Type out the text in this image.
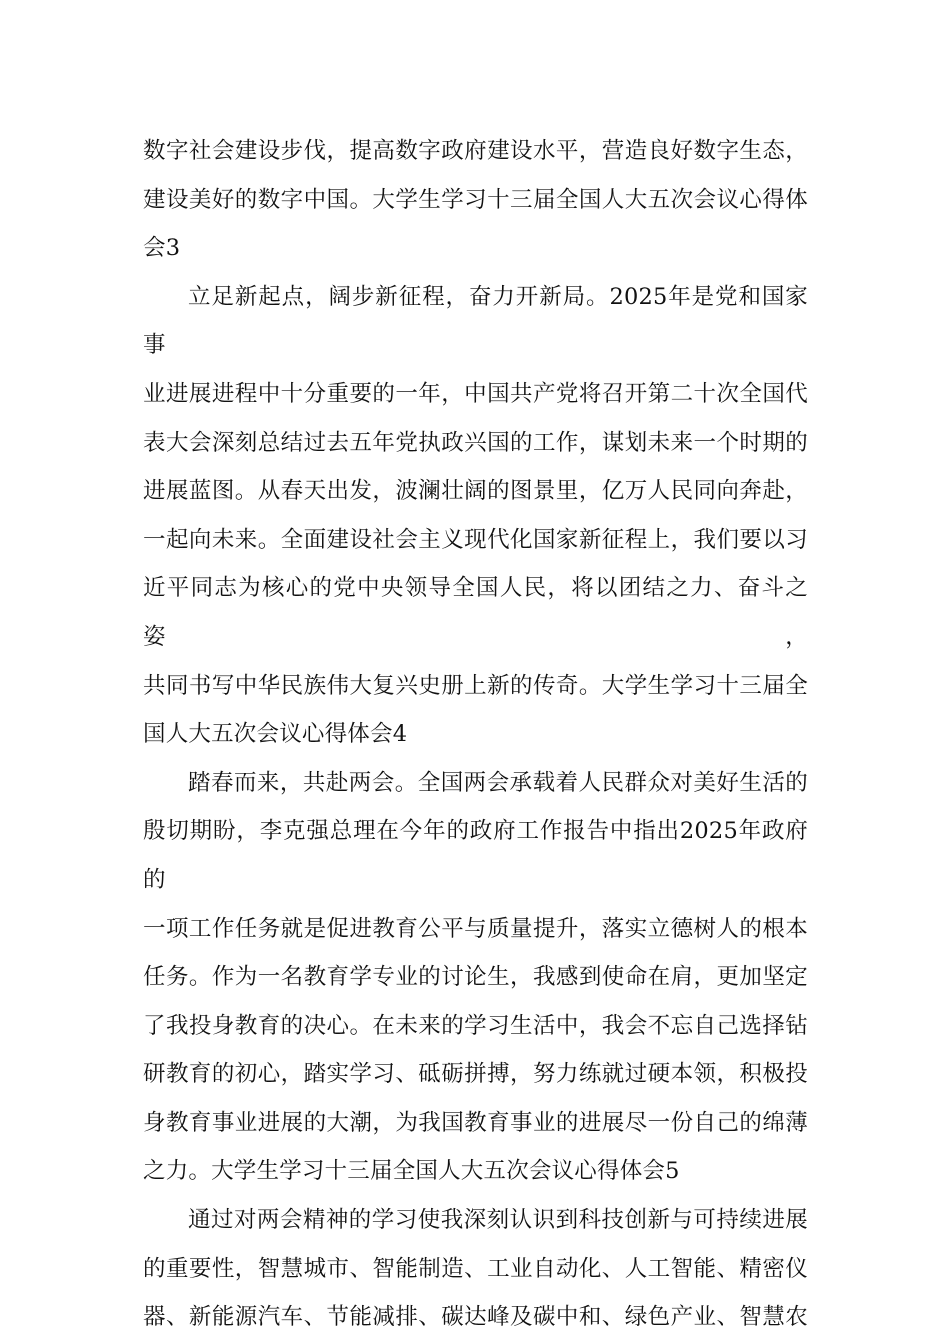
数字社会建设步伐，提高数字政府建设水平，营造良好数字生态，
建设美好的数字中国。大学生学习十三届全国人大五次会议心得体
会3

立足新起点，阔步新征程，奋力开新局。2025年是党和国家事
业进展进程中十分重要的一年，中国共产党将召开第二十次全国代
表大会深刻总结过去五年党执政兴国的工作，谋划未来一个时期的
进展蓝图。从春天出发，波澜壮阔的图景里，亿万人民同向奔赴，
一起向未来。全面建设社会主义现代化国家新征程上，我们要以习
近平同志为核心的党中央领导全国人民，将以团结之力、奋斗之姿，
共同书写中华民族伟大复兴史册上新的传奇。大学生学习十三届全
国人大五次会议心得体会4

踏春而来，共赴两会。全国两会承载着人民群众对美好生活的
殷切期盼，李克强总理在今年的政府工作报告中指出2025年政府的
一项工作任务就是促进教育公平与质量提升，落实立德树人的根本
任务。作为一名教育学专业的讨论生，我感到使命在肩，更加坚定
了我投身教育的决心。在未来的学习生活中，我会不忘自己选择钻
研教育的初心，踏实学习、砥砺拼搏，努力练就过硬本领，积极投
身教育事业进展的大潮，为我国教育事业的进展尽一份自己的绵薄
之力。大学生学习十三届全国人大五次会议心得体会5

通过对两会精神的学习使我深刻认识到科技创新与可持续进展
的重要性，智慧城市、智能制造、工业自动化、人工智能、精密仪
器、新能源汽车、节能减排、碳达峰及碳中和、绿色产业、智慧农
